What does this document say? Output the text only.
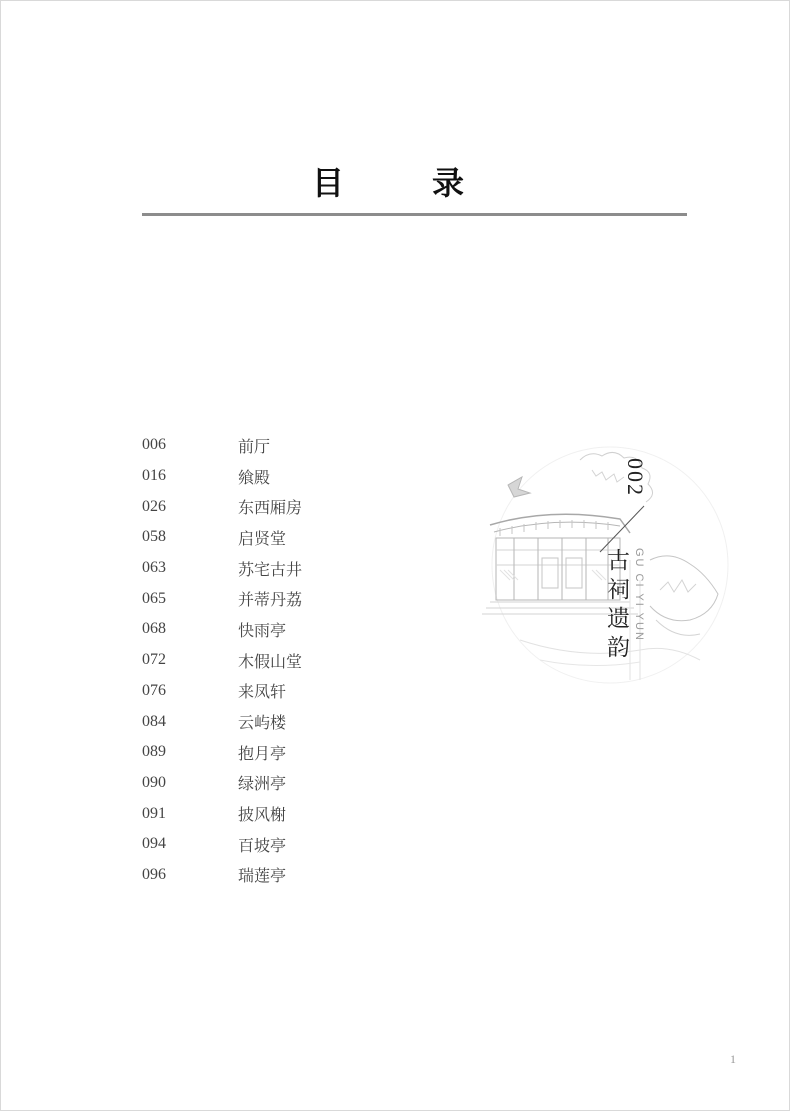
目　录
006	前厅
016	飨殿
026	东西厢房
058	启贤堂
063	苏宅古井
065	并蒂丹荔
068	快雨亭
072	木假山堂
076	来凤轩
084	云屿楼
089	抱月亭
090	绿洲亭
091	披风榭
094	百坡亭
096	瑞莲亭
002
GU CI YI YUN
古祠遗韵
1
